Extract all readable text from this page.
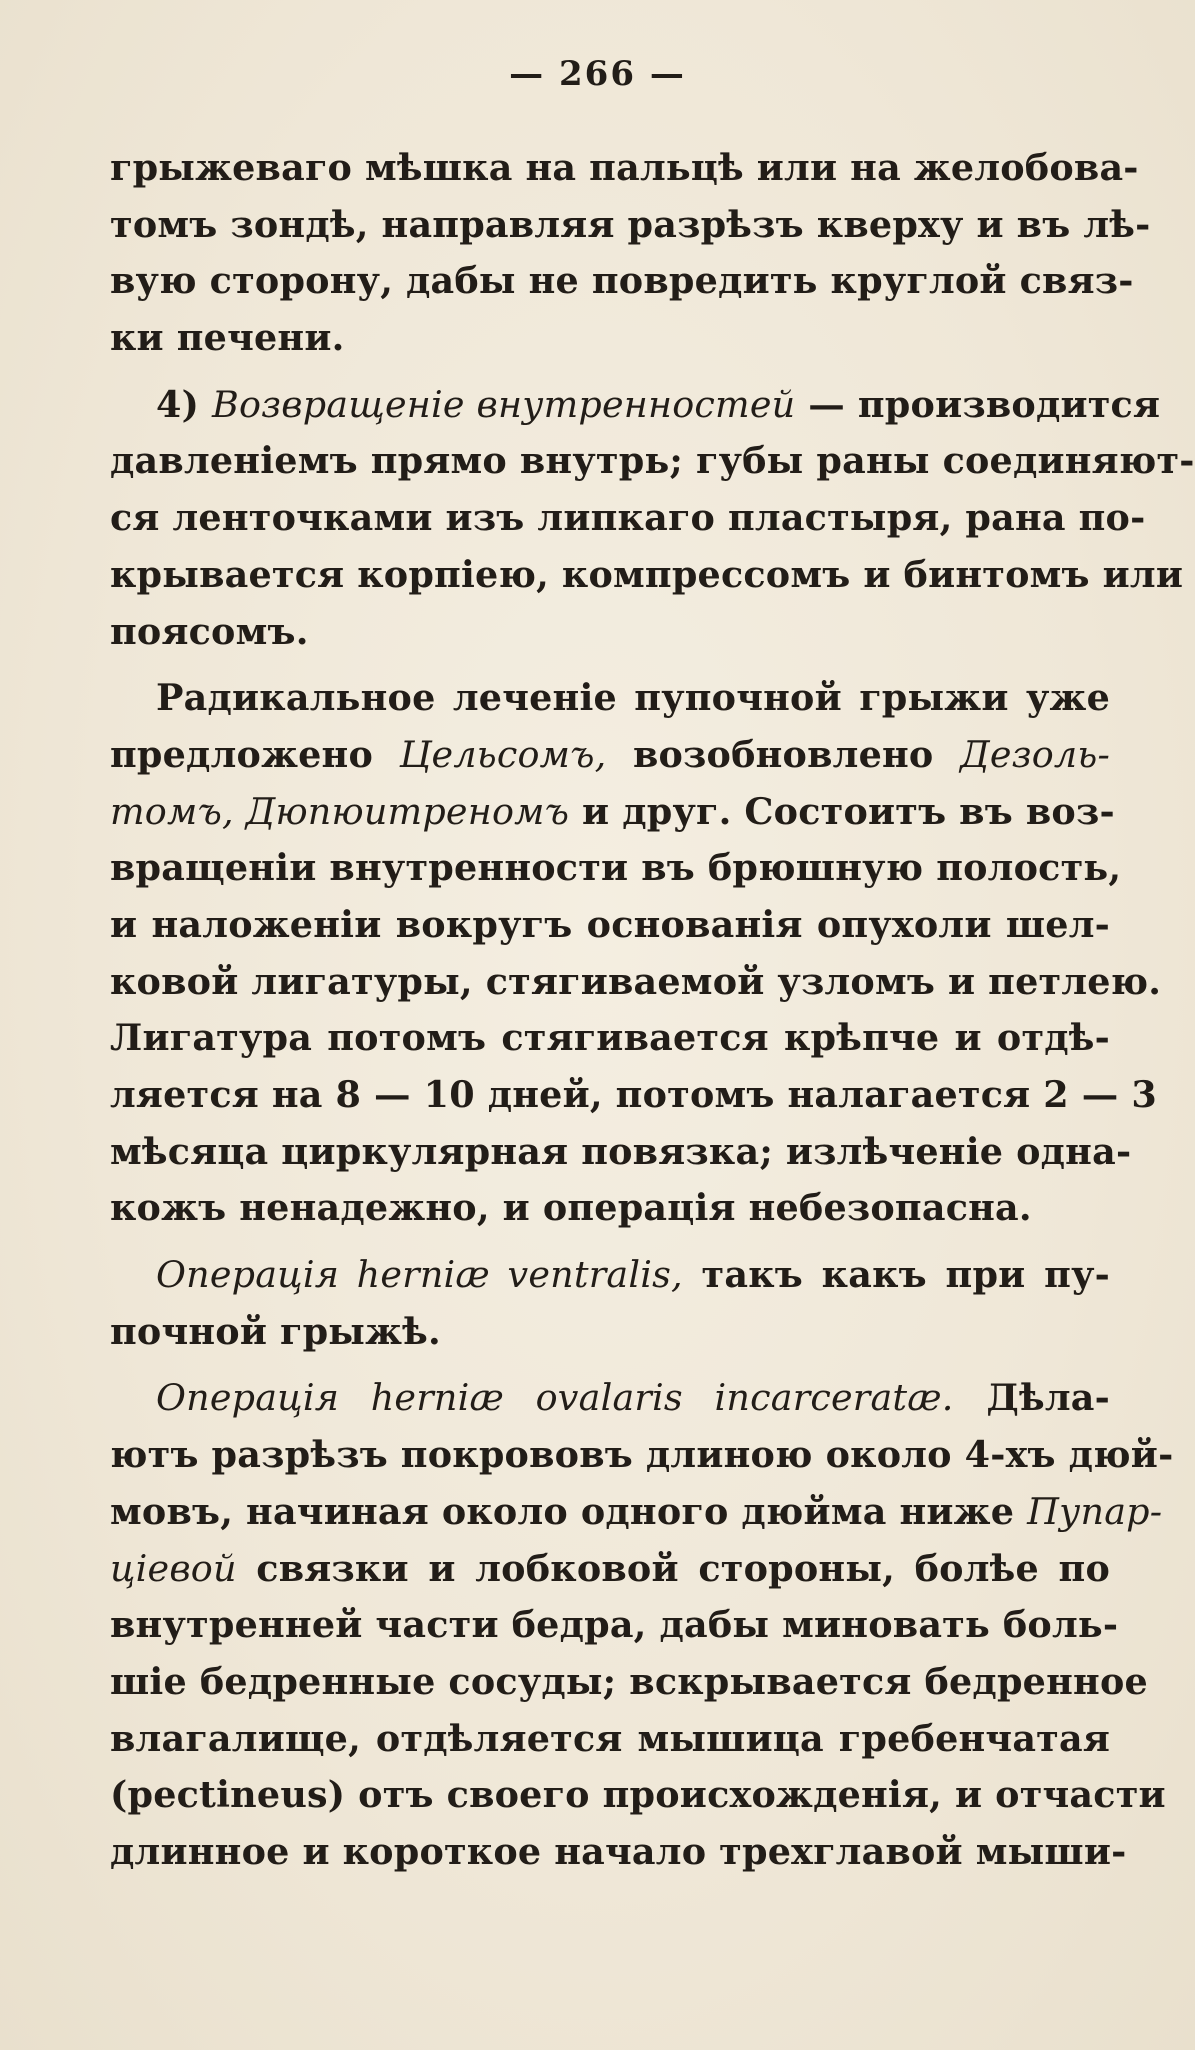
— 266 —
грыжеваго мѣшка на пальцѣ или на желобова-
томъ зондѣ, направляя разрѣзъ кверху и въ лѣ-
вую сторону, дабы не повредить круглой связ-
ки печени.
4) Возвращеніе внутренностей — производится
давленіемъ прямо внутрь; губы раны соединяют-
ся ленточками изъ липкаго пластыря, рана по-
крывается корпіею, компрессомъ и бинтомъ или
поясомъ.
Радикальное леченіе пупочной грыжи уже
предложено Цельсомъ, возобновлено Дезоль-
томъ, Дюпюитреномъ и друг. Состоитъ въ воз-
вращеніи внутренности въ брюшную полость,
и наложеніи вокругъ основанія опухоли шел-
ковой лигатуры, стягиваемой узломъ и петлею.
Лигатура потомъ стягивается крѣпче и отдѣ-
ляется на 8 — 10 дней, потомъ налагается 2 — 3
мѣсяца циркулярная повязка; излѣченіе одна-
кожъ ненадежно, и операція небезопасна.
Операція herniæ ventralis, такъ какъ при пу-
почной грыжѣ.
Операція herniæ ovalaris incarceratæ. Дѣла-
ютъ разрѣзъ покрововъ длиною около 4-хъ дюй-
мовъ, начиная около одного дюйма ниже Пупар-
ціевой связки и лобковой стороны, болѣе по
внутренней части бедра, дабы миновать боль-
шіе бедренные сосуды; вскрывается бедренное
влагалище, отдѣляется мышица гребенчатая
(pectineus) отъ своего происхожденія, и отчасти
длинное и короткое начало трехглавой мыши-
